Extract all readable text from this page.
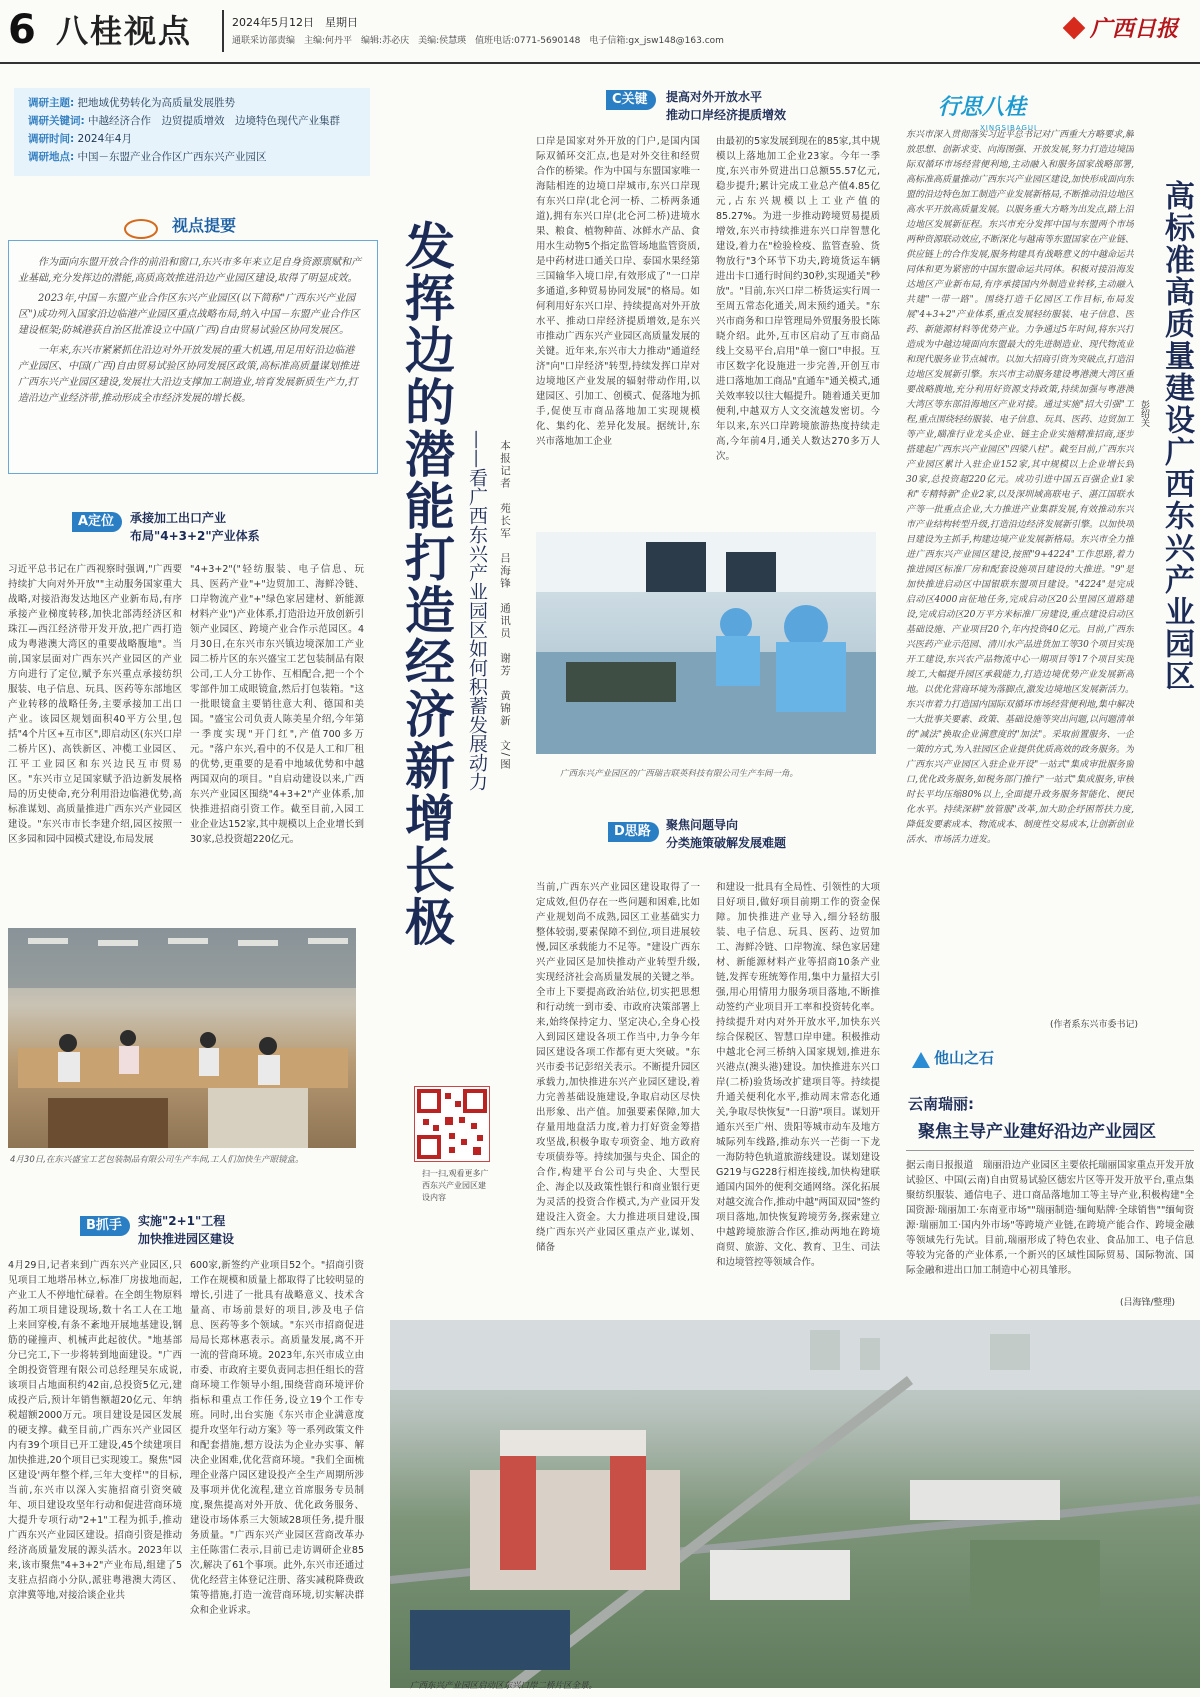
6 八桂视点	2024年5月12日　星期日
通联采访部责编　主编:何丹平　编辑:苏必庆　美编:侯慧瑛　值班电话:0771-5690148　电子信箱:gx_jsw148@163.com	广西日报
调研主题: 把地域优势转化为高质量发展胜势
调研关键词: 中越经济合作　边贸提质增效　边境特色现代产业集群
调研时间: 2024年4月
调研地点: 中国－东盟产业合作区广西东兴产业园区
视点提要

作为面向东盟开放合作的前沿和窗口,东兴市多年来立足自身资源禀赋和产业基础,充分发挥边的潜能,高质高效推进沿边产业园区建设,取得了明显成效。

2023年,中国－东盟产业合作区东兴产业园区(以下简称"广西东兴产业园区")成功列入国家沿边临港产业园区重点战略布局,纳入中国－东盟产业合作区建设框架;防城港获自治区批准设立中国(广西)自由贸易试验区协同发展区。

一年来,东兴市紧紧抓住沿边对外开放发展的重大机遇,用足用好沿边临港产业园区、中国(广西)自由贸易试验区协同发展区政策,高标准高质量谋划推进广西东兴产业园区建设,发展壮大沿边支撑加工制造业,培育发展新质生产力,打造沿边产业经济带,推动形成全市经济发展的增长极。	发挥边的潜能打造经济新增长极 ——看广西东兴产业园区如何积蓄发展动力	本报记者　苑长军　吕海锋　通讯员　谢芳　黄锦新　文/图
A定位	承接加工出口产业
布局"4+3+2"产业体系
习近平总书记在广西视察时强调,"广西要持续扩大向对外开放""主动服务国家重大战略,对接沿海发达地区产业新布局,有序承接产业梯度转移,加快北部湾经济区和珠江—西江经济带开发开放,把广西打造成为粤港澳大湾区的重要战略腹地"。当前,国家层面对广西东兴产业园区的产业方向进行了定位,赋予东兴重点承接纺织服装、电子信息、玩具、医药等东部地区产业转移的战略任务,主要承接加工出口产业。该园区规划面积40平方公里,包括"4个片区+互市区",即启动区(东兴口岸二桥片区)、高铁新区、冲榄工业园区、江平工业园区和东兴边民互市贸易区。"东兴市立足国家赋予沿边新发展格局的历史使命,充分利用沿边临港优势,高标准谋划、高质量推进广西东兴产业园区建设。"东兴市市长李建介绍,园区按照一区多园和园中园模式建设,布局发展
"4+3+2"("轻纺服装、电子信息、玩具、医药产业"+"边贸加工、海鲜冷链、口岸物流产业"+"绿色家居建材、新能源材料产业")产业体系,打造沿边开放创新引领产业园区、跨境产业合作示范园区。4月30日,在东兴市东兴镇边境深加工产业园二桥片区的东兴盛宝工艺包装制品有限公司,工人分工协作、互相配合,把一个个零部件加工成眼镜盒,然后打包装箱。"这一批眼镜盒主要销往意大利、德国和美国。"盛宝公司负责人陈美星介绍,今年第一季度实现"开门红",产值700多万元。"落户东兴,看中的不仅是人工和厂租的优势,更重要的是看中地域优势和中越两国双向的项目。"自启动建设以来,广西东兴产业园区围绕"4+3+2"产业体系,加快推进招商引资工作。截至目前,入园工业企业达152家,其中规模以上企业增长到30家,总投资超220亿元。
4月30日,在东兴盛宝工艺包装制品有限公司生产车间,工人们加快生产眼镜盒。
B抓手	实施"2+1"工程
加快推进园区建设
4月29日,记者来到广西东兴产业园区,只见项目工地塔吊林立,标准厂房拔地而起,产业工人不停地忙碌着。在全朗生物原料药加工项目建设现场,数十名工人在工地上来回穿梭,有条不紊地开展地基建设,钢筋的碰撞声、机械声此起彼伏。"地基部分已完工,下一步将转到地面建设。"广西全朗投资管理有限公司总经理吴东成说,该项目占地面积约42亩,总投资5亿元,建成投产后,预计年销售额超20亿元、年纳税超额2000万元。项目建设是园区发展的硬支撑。截至目前,广西东兴产业园区内有39个项目已开工建设,45个续建项目加快推进,20个项目已实现竣工。聚焦"园区建设'两年整个样,三年大变样'"的目标,当前,东兴市以深入实施招商引资突破年、项目建设攻坚年行动和促进营商环境大提升专项行动"2+1"工程为抓手,推动广西东兴产业园区建设。招商引资是推动经济高质量发展的源头活水。2023年以来,该市聚焦"4+3+2"产业布局,组建了5支驻点招商小分队,派驻粤港澳大湾区、京津冀等地,对接洽谈企业共
600家,新签约产业项目52个。"招商引资工作在规模和质量上都取得了比较明显的增长,引进了一批具有战略意义、技术含量高、市场前景好的项目,涉及电子信息、医药等多个领域。"东兴市招商促进局局长郑林惠表示。高质量发展,离不开一流的营商环境。2023年,东兴市成立由市委、市政府主要负责同志担任组长的营商环境工作领导小组,围绕营商环境评价指标和重点工作任务,设立19个工作专班。同时,出台实施《东兴市企业满意度提升攻坚年行动方案》等一系列政策文件和配套措施,想方设法为企业办实事、解决企业困难,优化营商环境。"我们全面梳理企业落户园区建设投产全生产周期所涉及事项并优化流程,建立首席服务专员制度,聚焦提高对外开放、优化政务服务、建设市场体系三大领域28项任务,提升服务质量。"广西东兴产业园区营商改革办主任陈雷仁表示,目前已走访调研企业85次,解决了61个事项。此外,东兴市还通过优化经营主体登记注册、落实减税降费政策等措施,打造一流营商环境,切实解决群众和企业诉求。
C关键	提高对外开放水平
推动口岸经济提质增效
口岸是国家对外开放的门户,是国内国际双循环交汇点,也是对外交往和经贸合作的桥梁。作为中国与东盟国家唯一海陆相连的边境口岸城市,东兴口岸现有东兴口岸(北仑河一桥、二桥两条通道),拥有东兴口岸(北仑河二桥)进境水果、粮食、植物种苗、冰鲜水产品、食用水生动物5个指定监管场地监管资质,是中药材进口通关口岸、泰国水果经第三国输华入境口岸,有效形成了"一口岸多通道,多种贸易协同发展"的格局。如何利用好东兴口岸、持续提高对外开放水平、推动口岸经济提质增效,是东兴市推动广西东兴产业园区高质量发展的关键。近年来,东兴市大力推动"通道经济"向"口岸经济"转型,持续发挥口岸对边境地区产业发展的辐射带动作用,以建园区、引加工、创模式、促落地为抓手,促使互市商品落地加工实现规模化、集约化、差异化发展。据统计,东兴市落地加工企业
由最初的5家发展到现在的85家,其中规模以上落地加工企业23家。今年一季度,东兴市外贸进出口总额55.57亿元,稳步提升;累计完成工业总产值4.85亿元,占东兴规模以上工业产值的85.27%。为进一步推动跨境贸易提质增效,东兴市持续推进东兴口岸智慧化建设,着力在"检验检疫、监管查验、货物放行"3个环节下功夫,跨境货运车辆进出卡口通行时间约30秒,实现通关"秒放"。"目前,东兴口岸二桥货运实行周一至周五常态化通关,周末预约通关。"东兴市商务和口岸管理局外贸服务股长陈晓介绍。此外,互市区启动了互市商品线上交易平台,启用"单一窗口"申报。互市区数字化设施进一步完善,开创互市进口落地加工商品"直通车"通关模式,通关效率较以往大幅提升。随着通关更加便利,中越双方人文交流越发密切。今年以来,东兴口岸跨境旅游热度持续走高,今年前4月,通关人数达270多万人次。
广西东兴产业园区的广西瑞吉联英科技有限公司生产车间一角。
D思路	聚焦问题导向
分类施策破解发展难题
当前,广西东兴产业园区建设取得了一定成效,但仍存在一些问题和困难,比如产业规划尚不成熟,园区工业基础实力整体较弱,要素保障不到位,项目进展较慢,园区承载能力不足等。"建设广西东兴产业园区是加快推动产业转型升级,实现经济社会高质量发展的关键之举。全市上下要提高政治站位,切实把思想和行动统一到市委、市政府决策部署上来,始终保持定力、坚定决心,全身心投入到园区建设各项工作当中,力争今年园区建设各项工作都有更大突破。"东兴市委书记彭绍关表示。不断提升园区承载力,加快推进东兴产业园区建设,着力完善基础设施建设,争取启动区尽快出形象、出产值。加强要素保障,加大存量用地盘活力度,着力打好资金筹措攻坚战,积极争取专项资金、地方政府专项债券等。持续加强与央企、国企的合作,构建平台公司与央企、大型民企、海企以及政策性银行和商业银行更为灵活的投资合作模式,为产业园开发建设注入资金。大力推进项目建设,围绕广西东兴产业园区重点产业,谋划、储备
和建设一批具有全局性、引领性的大项目好项目,做好项目前期工作的资金保障。加快推进产业导入,细分轻纺服装、电子信息、玩具、医药、边贸加工、海鲜冷链、口岸物流、绿色家居建材、新能源材料产业等招商10条产业链,发挥专班统筹作用,集中力量招大引强,用心用情用力服务项目落地,不断推动签约产业项目开工率和投资转化率。持续提升对内对外开放水平,加快东兴综合保税区、智慧口岸申建。积极推动中越北仑河三桥纳入国家规划,推进东兴港点(澳头港)建设。加快推进东兴口岸(二桥)验货场改扩建项目等。持续提升通关便利化水平,推动周末常态化通关,争取尽快恢复"一日游"项目。谋划开通东兴至广州、贵阳等城市动车及地方城际列车线路,推动东兴一芒街一下龙一海防特色轨道旅游线建设。谋划建设G219与G228行相连接线,加快构建联通国内国外的便利交通网络。深化拓展对越交流合作,推动中越"两国双园"签约项目落地,加快恢复跨境劳务,探索建立中越跨境旅游合作区,推动两地在跨境商贸、旅游、文化、教育、卫生、司法和边境管控等领域合作。
扫一扫,观看更多广西东兴产业园区建设内容
广西东兴产业园区启动区东兴口岸二桥片区全景。
行思八桂
XINGSIBAGUI
高标准高质量建设广西东兴产业园区
彭绍关
东兴市深入贯彻落实习近平总书记对广西重大方略要求,解放思想、创新求变、向海图强、开放发展,努力打造边境国际双循环市场经营便利地,主动融入和服务国家战略部署,高标准高质量推动广西东兴产业园区建设,加快形成面向东盟的沿边特色加工制造产业发展新格局,不断推动沿边地区高水平开放高质量发展。以服务重大方略为出发点,踏上沿边地区发展新征程。东兴市充分发挥中国与东盟两个市场两种资源联动效应,不断深化与越南等东盟国家在产业链、供应链上的合作发展,服务构建具有战略意义的中越命运共同体和更为紧密的中国东盟命运共同体。积极对接沿海发达地区产业新布局,有序承接国内外制造业转移,主动融入共建"一带一路"。围绕打造千亿园区工作目标,布局发展"4+3+2"产业体系,重点发展轻纺服装、电子信息、医药、新能源材料等优势产业。力争通过5年时间,将东兴打造成为中越边境面向东盟最大的先进制造业、现代物流业和现代服务业节点城市。以加大招商引资为突破点,打造沿边地区发展新引擎。东兴市主动服务建设粤港澳大湾区重要战略腹地,充分利用好资源支持政策,持续加强与粤港澳大湾区等东部沿海地区产业对接。通过实施"招大引强"工程,重点围绕轻纺服装、电子信息、玩具、医药、边贸加工等产业,瞄准行业龙头企业、链主企业实施精准招商,逐步搭建起广西东兴产业园区"四梁八柱"。截至目前,广西东兴产业园区累计入驻企业152家,其中规模以上企业增长到30家,总投资超220亿元。成功引进中国五百强企业1家和"专精特新"企业2家,以及深圳域高联电子、湛江国联水产等一批重点企业,大力推进产业集群发展,有效推动东兴市产业结构转型升级,打造沿边经济发展新引擎。以加快项目建设为主抓手,构建边境产业发展新格局。东兴市全力推进广西东兴产业园区建设,按照"9+4224"工作思路,着力推进园区标准厂房和配套设施项目建设的大推进。"9"是加快推进启动区中国银联东盟项目建设。"4224"是完成启动区4000亩征地任务,完成启动区20公里园区道路建设,完成启动区20万平方米标准厂房建设,重点建设启动区基础设施、产业项目20个,年内投资40亿元。目前,广西东兴医药产业示范园、清川水产品进货加工等30个项目实现开工建设,东兴农产品物流中心一期项目等17个项目实现竣工,大幅提升园区承载能力,打造边境优势产业发展新高地。以优化营商环境为落脚点,激发边境地区发展新活力。东兴市着力打造国内国际双循环市场经营便利地,集中解决一大批事关要素、政策、基础设施等突出问题,以问题清单的"减法"换取企业满意度的"加法"。采取前置服务、一企一策的方式,为入驻园区企业提供优质高效的政务服务。为广西东兴产业园区入驻企业开设"一站式"集成审批服务窗口,优化政务服务,如税务部门推行"一站式"集成服务,审核时长平均压缩80%以上,全面提升政务服务智能化、便民化水平。持续深耕"放管服"改革,加大助企纾困帮扶力度,降低发要素成本、物流成本、制度性交易成本,让创新创业活水、市场活力迸发。
(作者系东兴市委书记)
他山之石
云南瑞丽:
聚焦主导产业建好沿边产业园区
据云南日报报道　瑞丽沿边产业园区主要依托瑞丽国家重点开发开放试验区、中国(云南)自由贸易试验区德宏片区等开发开放平台,重点集聚纺织服装、通信电子、进口商品落地加工等主导产业,积极构建"全国资源·瑞丽加工·东南亚市场""瑞丽制造·缅甸贴牌·全球销售""缅甸资源·瑞丽加工·国内外市场"等跨境产业链,在跨境产能合作、跨境金融等领域先行先试。目前,瑞丽形成了特色农业、食品加工、电子信息等较为完备的产业体系,一个新兴的区域性国际贸易、国际物流、国际金融和进出口加工制造中心初具雏形。
(吕海锋/整理)
